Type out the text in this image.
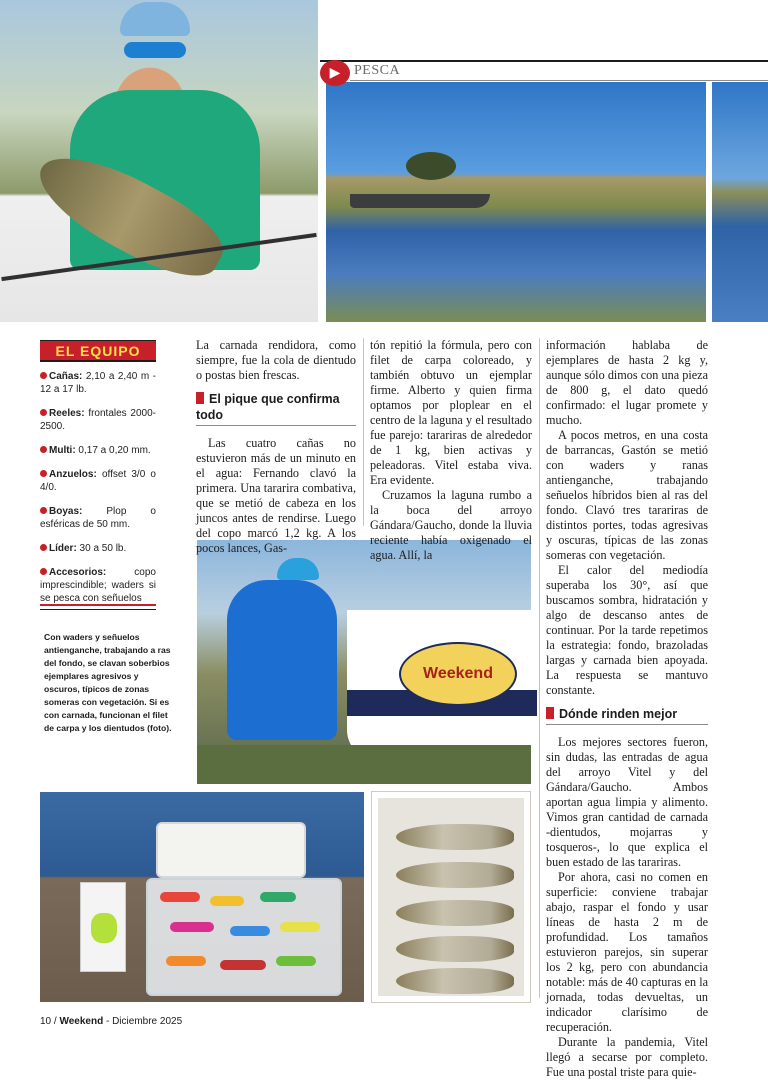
Weekend
▶ PESCA
EL EQUIPO
Cañas: 2,10 a 2,40 m - 12 a 17 lb.
Reeles: frontales 2000-2500.
Multi: 0,17 a 0,20 mm.
Anzuelos: offset 3/0 o 4/0.
Boyas: Plop o esféricas de 50 mm.
Líder: 30 a 50 lb.
Accesorios: copo imprescindible; waders si se pesca con señuelos

Con waders y señuelos antienganche, trabajando a ras del fondo, se clavan soberbios ejemplares agresivos y oscuros, típicos de zonas someras con vegetación. Si es con carnada, funcionan el filet de carpa y los dientudos (foto).

La carnada rendidora, como siempre, fue la cola de dientudo o postas bien frescas.

El pique que confirma todo

Las cuatro cañas no estuvieron más de un minuto en el agua: Fernando clavó la primera. Una tararira combativa, que se metió de cabeza en los juncos antes de rendirse. Luego del copo marcó 1,2 kg. A los pocos lances, Gas-

tón repitió la fórmula, pero con filet de carpa coloreado, y también obtuvo un ejemplar firme. Alberto y quien firma optamos por ploplear en el centro de la laguna y el resultado fue parejo: tarariras de alrededor de 1 kg, bien activas y peleadoras. Vitel estaba viva. Era evidente.

Cruzamos la laguna rumbo a la boca del arroyo Gándara/Gaucho, donde la lluvia reciente había oxigenado el agua. Allí, la

información hablaba de ejemplares de hasta 2 kg y, aunque sólo dimos con una pieza de 800 g, el dato quedó confirmado: el lugar promete y mucho.

A pocos metros, en una costa de barrancas, Gastón se metió con waders y ranas antienganche, trabajando señuelos híbridos bien al ras del fondo. Clavó tres tarariras de distintos portes, todas agresivas y oscuras, típicas de las zonas someras con vegetación.

El calor del mediodía superaba los 30°, así que buscamos sombra, hidratación y algo de descanso antes de continuar. Por la tarde repetimos la estrategia: fondo, brazoladas largas y carnada bien apoyada. La respuesta se mantuvo constante.

Dónde rinden mejor

Los mejores sectores fueron, sin dudas, las entradas de agua del arroyo Vitel y del Gándara/Gaucho. Ambos aportan agua limpia y alimento. Vimos gran cantidad de carnada -dientudos, mojarras y tosqueros-, lo que explica el buen estado de las tarariras.

Por ahora, casi no comen en superficie: conviene trabajar abajo, raspar el fondo y usar líneas de hasta 2 m de profundidad. Los tamaños estuvieron parejos, sin superar los 2 kg, pero con abundancia notable: más de 40 capturas en la jornada, todas devueltas, un indicador clarísimo de recuperación.

Durante la pandemia, Vitel llegó a secarse por completo. Fue una postal triste para quie-

10 / Weekend - Diciembre 2025
